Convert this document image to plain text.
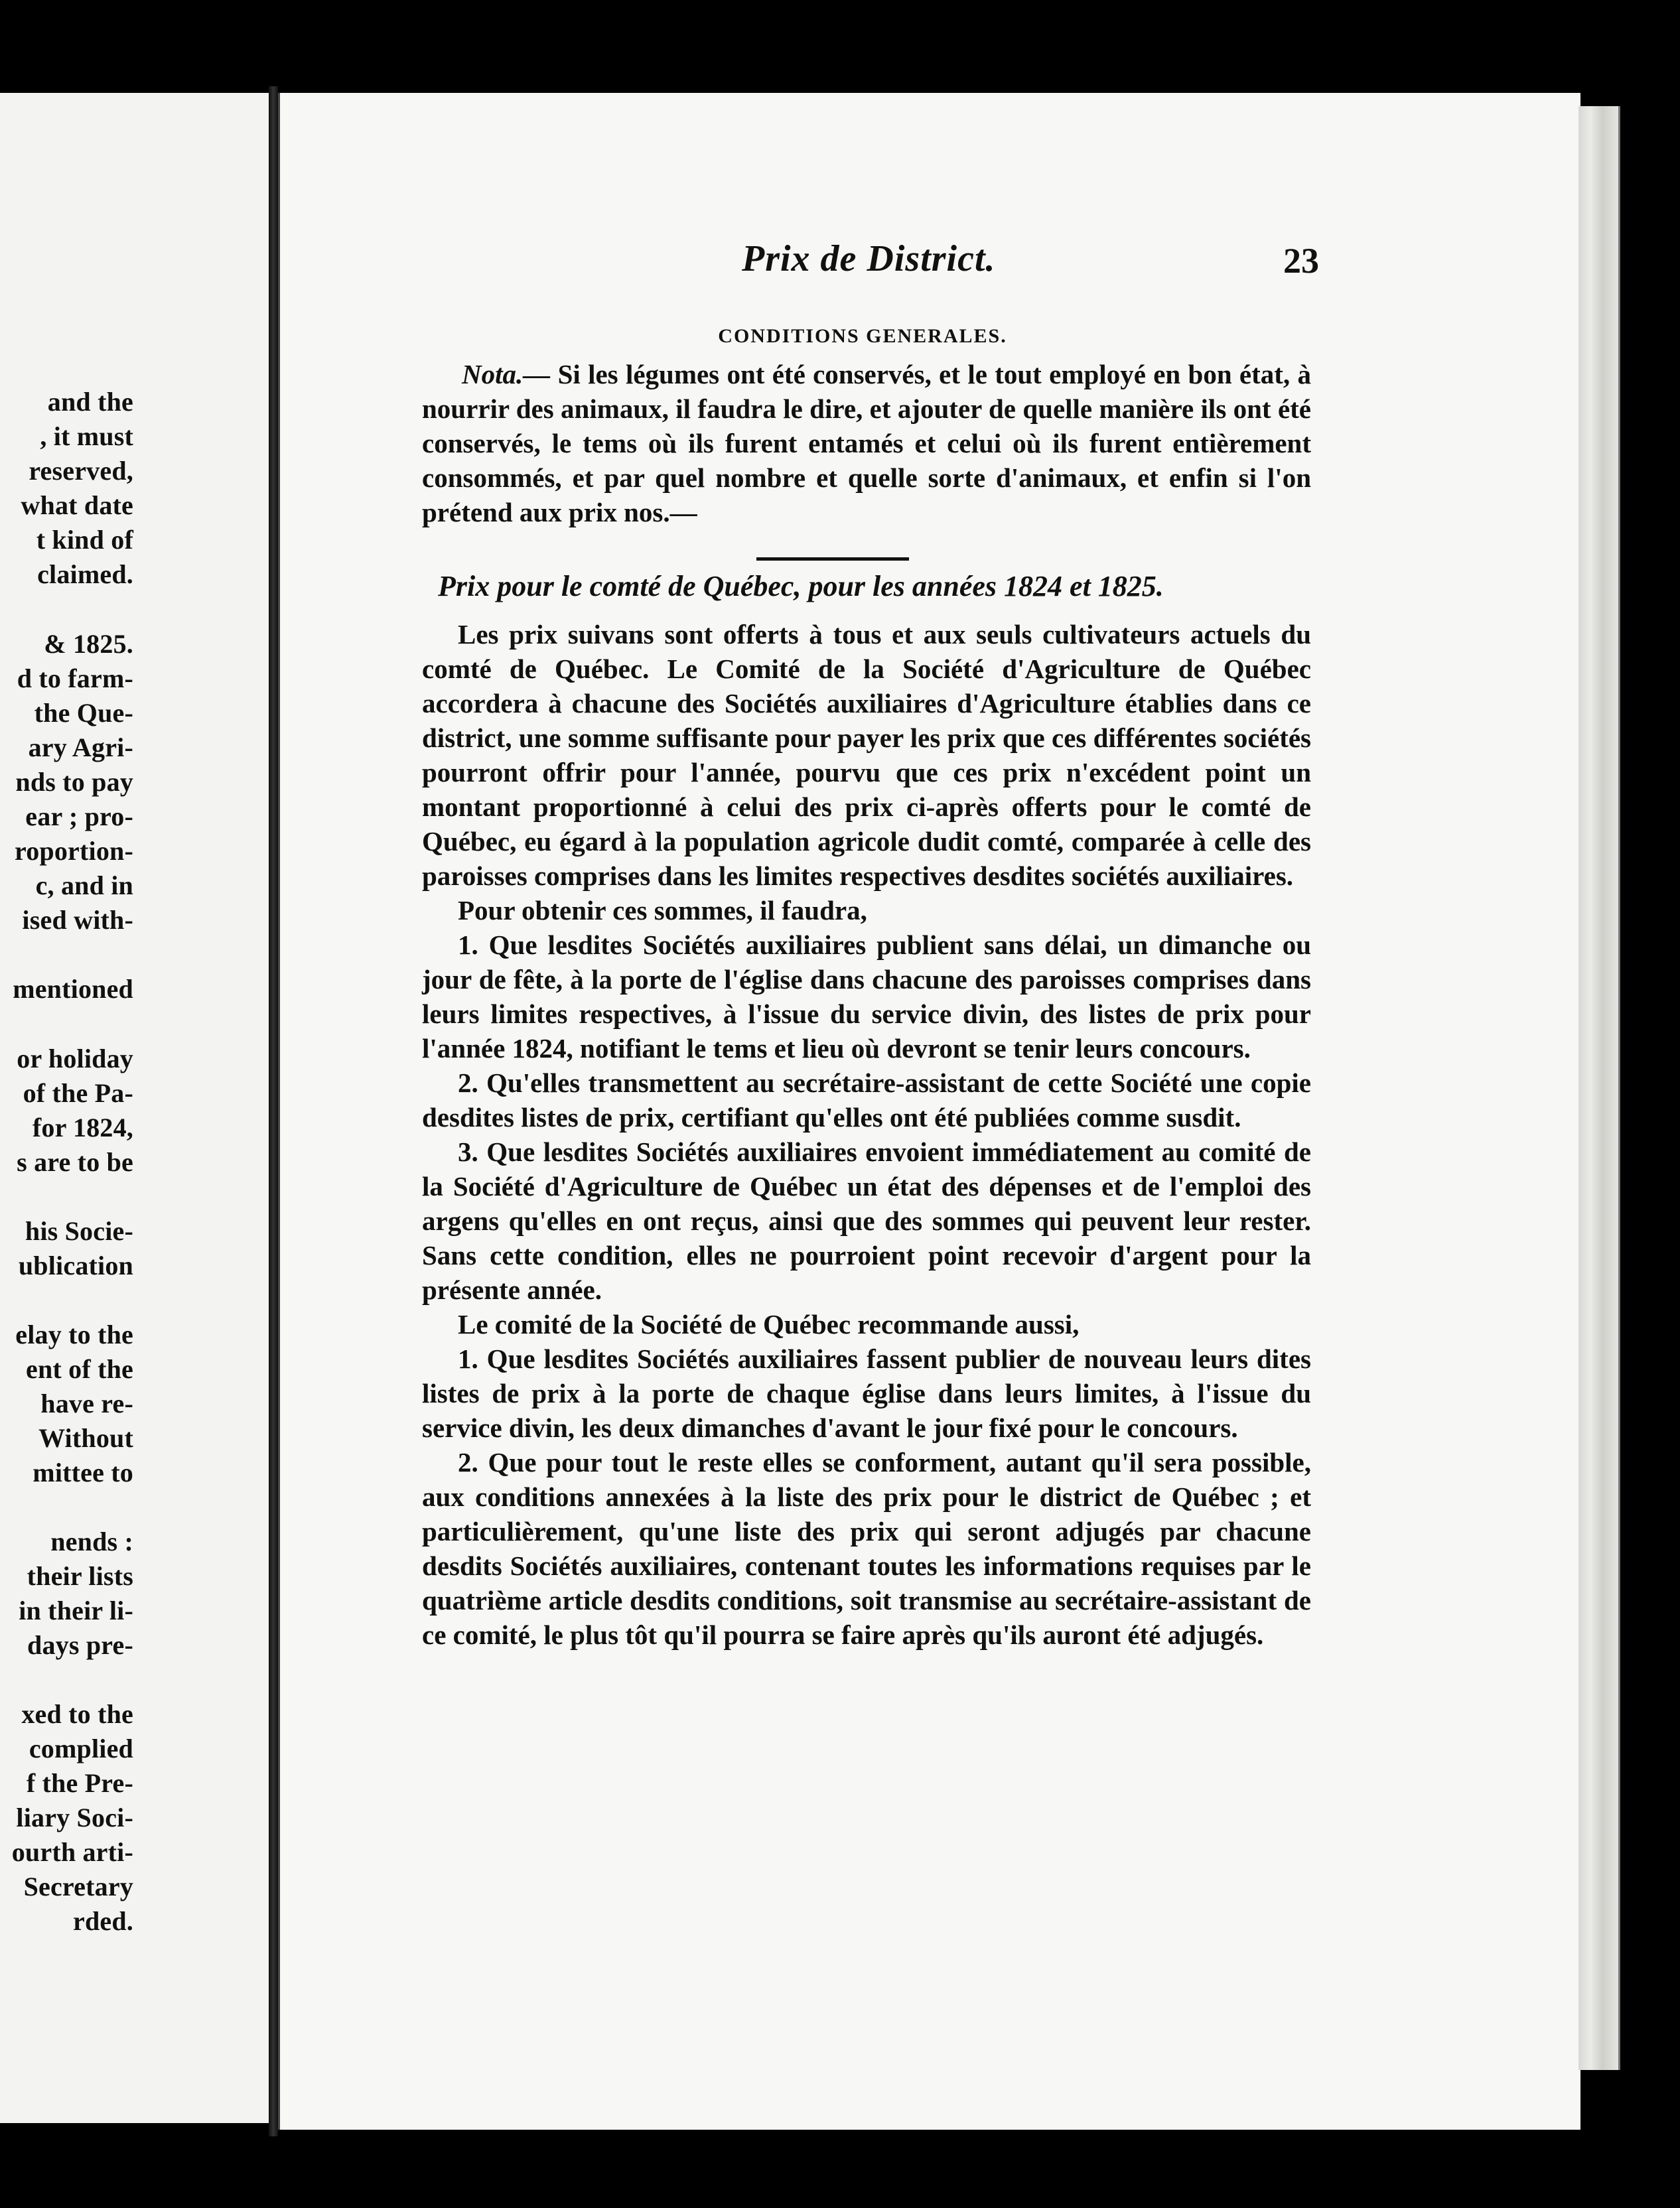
and the
, it must
reserved,
what date
t kind of
claimed.
& 1825.
d to farm-
the Que-
ary Agri-
nds to pay
ear ; pro-
roportion-
c, and in
ised with-
mentioned
or holiday
of the Pa-
for 1824,
s are to be
his Socie-
ublication
elay to the
ent of the
have re-
Without
mittee to
nends :
their lists
in their li-
days pre-
xed to the
complied
f the Pre-
liary Soci-
ourth arti-
Secretary
rded.
Prix de District.	23
CONDITIONS GENERALES.

Nota.— Si les légumes ont été conservés, et le tout employé en bon état, à nourrir des animaux, il faudra le dire, et ajouter de quelle manière ils ont été conservés, le tems où ils furent entamés et celui où ils furent entièrement consommés, et par quel nombre et quelle sorte d'animaux, et enfin si l'on prétend aux prix nos.—

Prix pour le comté de Québec, pour les années 1824 et 1825.

Les prix suivans sont offerts à tous et aux seuls cultivateurs actuels du comté de Québec. Le Comité de la Société d'Agriculture de Québec accordera à chacune des Sociétés auxiliaires d'Agriculture établies dans ce district, une somme suffisante pour payer les prix que ces différentes sociétés pourront offrir pour l'année, pourvu que ces prix n'excédent point un montant proportionné à celui des prix ci-après offerts pour le comté de Québec, eu égard à la population agricole dudit comté, comparée à celle des paroisses comprises dans les limites respectives desdites sociétés auxiliaires.

Pour obtenir ces sommes, il faudra,

1. Que lesdites Sociétés auxiliaires publient sans délai, un dimanche ou jour de fête, à la porte de l'église dans chacune des paroisses comprises dans leurs limites respectives, à l'issue du service divin, des listes de prix pour l'année 1824, notifiant le tems et lieu où devront se tenir leurs concours.

2. Qu'elles transmettent au secrétaire-assistant de cette Société une copie desdites listes de prix, certifiant qu'elles ont été publiées comme susdit.

3. Que lesdites Sociétés auxiliaires envoient immédiatement au comité de la Société d'Agriculture de Québec un état des dépenses et de l'emploi des argens qu'elles en ont reçus, ainsi que des sommes qui peuvent leur rester. Sans cette condition, elles ne pourroient point recevoir d'argent pour la présente année.

Le comité de la Société de Québec recommande aussi,

1. Que lesdites Sociétés auxiliaires fassent publier de nouveau leurs dites listes de prix à la porte de chaque église dans leurs limites, à l'issue du service divin, les deux dimanches d'avant le jour fixé pour le concours.

2. Que pour tout le reste elles se conforment, autant qu'il sera possible, aux conditions annexées à la liste des prix pour le district de Québec ; et particulièrement, qu'une liste des prix qui seront adjugés par chacune desdits Sociétés auxiliaires, contenant toutes les informations requises par le quatrième article desdits conditions, soit transmise au secrétaire-assistant de ce comité, le plus tôt qu'il pourra se faire après qu'ils auront été adjugés.
